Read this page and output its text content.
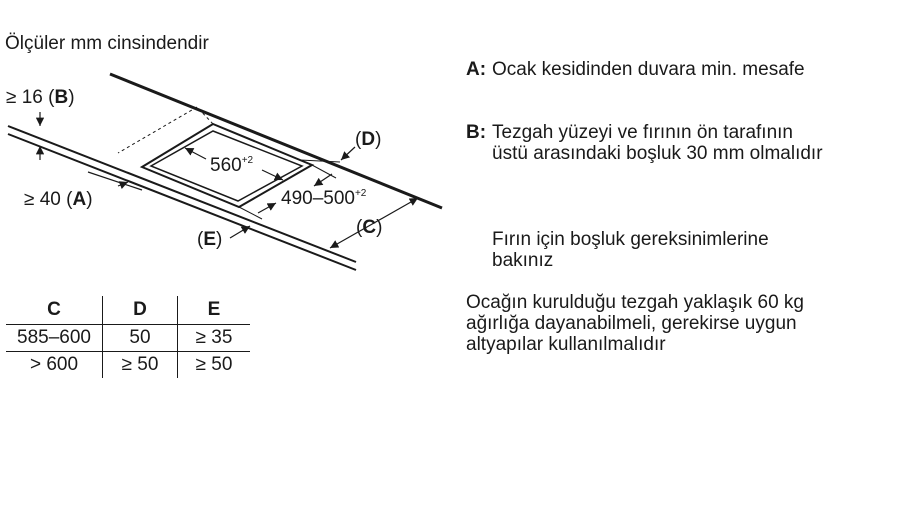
Ölçüler mm cinsindendir
≥ 16 (B)
≥ 40 (A)
(E)
(D)
(C)
$560^{+2}$
$490-500^{+2}$
C	D	E
585–600	50	≥ 35
> 600	≥ 50	≥ 50
A: Ocak kesidinden duvara min. mesafe
B: Tezgah yüzeyi ve fırının ön tarafının
üstü arasındaki boşluk 30 mm olmalıdır
Fırın için boşluk gereksinimlerine
bakınız
Ocağın kurulduğu tezgah yaklaşık 60 kg
ağırlığa dayanabilmeli, gerekirse uygun
altyapılar kullanılmalıdır
